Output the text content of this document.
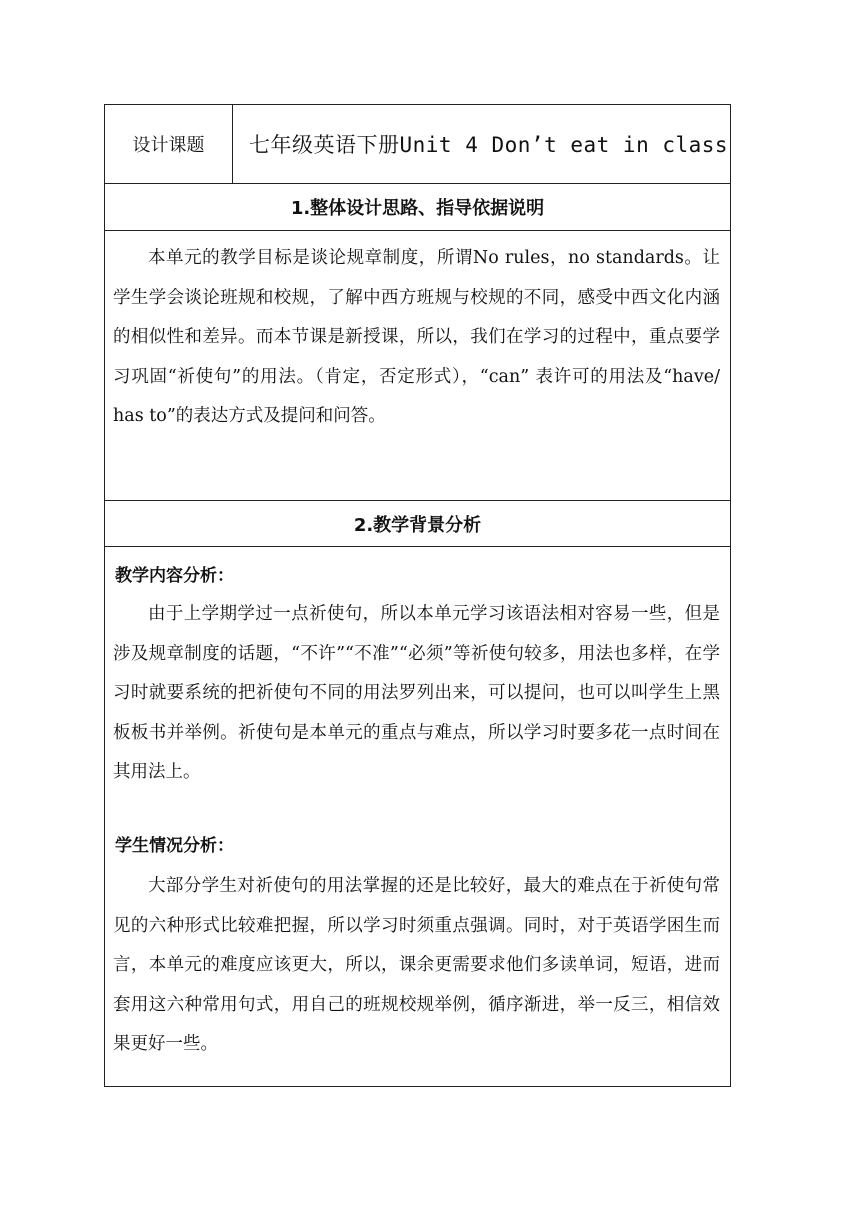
设计课题	七年级英语下册Unit 4 Don’t eat in class
1.整体设计思路、指导依据说明

本单元的教学目标是谈论规章制度，所谓No rules，no standards。让学生学会谈论班规和校规，了解中西方班规与校规的不同，感受中西文化内涵的相似性和差异。而本节课是新授课，所以，我们在学习的过程中，重点要学习巩固“祈使句”的用法。（肯定，否定形式），“can” 表许可的用法及“have/ has to”的表达方式及提问和问答。

2.教学背景分析
教学内容分析：

由于上学期学过一点祈使句，所以本单元学习该语法相对容易一些，但是涉及规章制度的话题，“不许”“不准”“必须”等祈使句较多，用法也多样，在学习时就要系统的把祈使句不同的用法罗列出来，可以提问，也可以叫学生上黑板板书并举例。祈使句是本单元的重点与难点，所以学习时要多花一点时间在其用法上。

学生情况分析：

大部分学生对祈使句的用法掌握的还是比较好，最大的难点在于祈使句常见的六种形式比较难把握，所以学习时须重点强调。同时，对于英语学困生而言，本单元的难度应该更大，所以，课余更需要求他们多读单词，短语，进而套用这六种常用句式，用自己的班规校规举例，循序渐进，举一反三，相信效果更好一些。
